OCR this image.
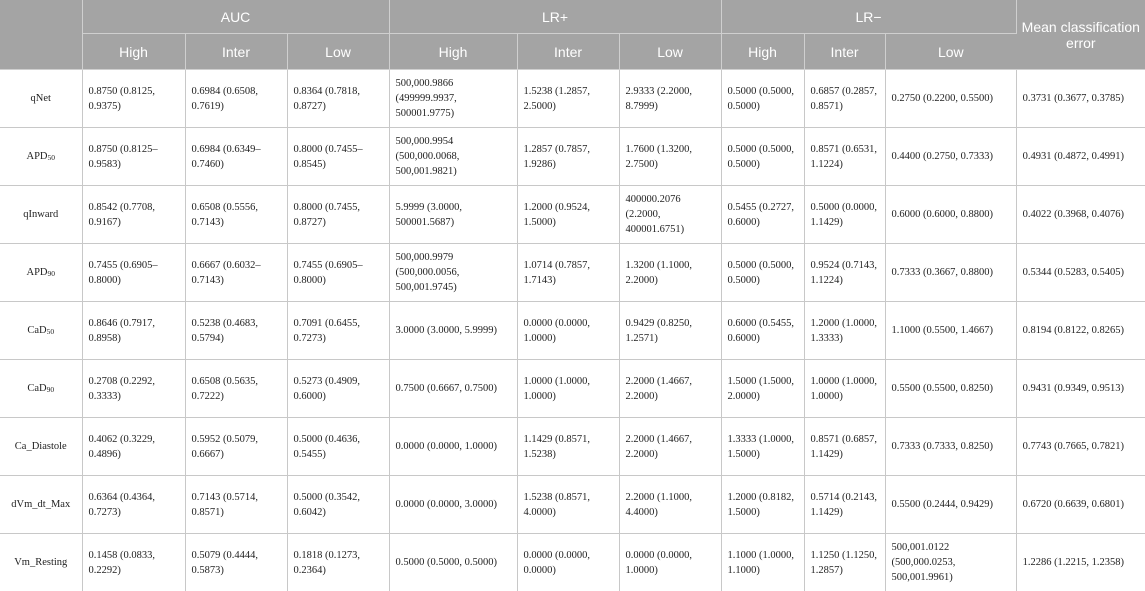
	AUC			LR+			LR−			Mean classification error
	High	Inter	Low	High	Inter	Low	High	Inter	Low	
qNet	0.8750 (0.8125, 0.9375)	0.6984 (0.6508, 0.7619)	0.8364 (0.7818, 0.8727)	500,000.9866 (499999.9937, 500001.9775)	1.5238 (1.2857, 2.5000)	2.9333 (2.2000, 8.7999)	0.5000 (0.5000, 0.5000)	0.6857 (0.2857, 0.8571)	0.2750 (0.2200, 0.5500)	0.3731 (0.3677, 0.3785)
$APD_{50}$	0.8750 (0.8125–0.9583)	0.6984 (0.6349–0.7460)	0.8000 (0.7455–0.8545)	500,000.9954 (500,000.0068, 500,001.9821)	1.2857 (0.7857, 1.9286)	1.7600 (1.3200, 2.7500)	0.5000 (0.5000, 0.5000)	0.8571 (0.6531, 1.1224)	0.4400 (0.2750, 0.7333)	0.4931 (0.4872, 0.4991)
qInward	0.8542 (0.7708, 0.9167)	0.6508 (0.5556, 0.7143)	0.8000 (0.7455, 0.8727)	5.9999 (3.0000, 500001.5687)	1.2000 (0.9524, 1.5000)	400000.2076 (2.2000, 400001.6751)	0.5455 (0.2727, 0.6000)	0.5000 (0.0000, 1.1429)	0.6000 (0.6000, 0.8800)	0.4022 (0.3968, 0.4076)
$APD_{90}$	0.7455 (0.6905–0.8000)	0.6667 (0.6032–0.7143)	0.7455 (0.6905–0.8000)	500,000.9979 (500,000.0056, 500,001.9745)	1.0714 (0.7857, 1.7143)	1.3200 (1.1000, 2.2000)	0.5000 (0.5000, 0.5000)	0.9524 (0.7143, 1.1224)	0.7333 (0.3667, 0.8800)	0.5344 (0.5283, 0.5405)
CaD$_{50}$	0.8646 (0.7917, 0.8958)	0.5238 (0.4683, 0.5794)	0.7091 (0.6455, 0.7273)	3.0000 (3.0000, 5.9999)	0.0000 (0.0000, 1.0000)	0.9429 (0.8250, 1.2571)	0.6000 (0.5455, 0.6000)	1.2000 (1.0000, 1.3333)	1.1000 (0.5500, 1.4667)	0.8194 (0.8122, 0.8265)
CaD$_{90}$	0.2708 (0.2292, 0.3333)	0.6508 (0.5635, 0.7222)	0.5273 (0.4909, 0.6000)	0.7500 (0.6667, 0.7500)	1.0000 (1.0000, 1.0000)	2.2000 (1.4667, 2.2000)	1.5000 (1.5000, 2.0000)	1.0000 (1.0000, 1.0000)	0.5500 (0.5500, 0.8250)	0.9431 (0.9349, 0.9513)
Ca_Diastole	0.4062 (0.3229, 0.4896)	0.5952 (0.5079, 0.6667)	0.5000 (0.4636, 0.5455)	0.0000 (0.0000, 1.0000)	1.1429 (0.8571, 1.5238)	2.2000 (1.4667, 2.2000)	1.3333 (1.0000, 1.5000)	0.8571 (0.6857, 1.1429)	0.7333 (0.7333, 0.8250)	0.7743 (0.7665, 0.7821)
dVm_dt_Max	0.6364 (0.4364, 0.7273)	0.7143 (0.5714, 0.8571)	0.5000 (0.3542, 0.6042)	0.0000 (0.0000, 3.0000)	1.5238 (0.8571, 4.0000)	2.2000 (1.1000, 4.4000)	1.2000 (0.8182, 1.5000)	0.5714 (0.2143, 1.1429)	0.5500 (0.2444, 0.9429)	0.6720 (0.6639, 0.6801)
Vm_Resting	0.1458 (0.0833, 0.2292)	0.5079 (0.4444, 0.5873)	0.1818 (0.1273, 0.2364)	0.5000 (0.5000, 0.5000)	0.0000 (0.0000, 0.0000)	0.0000 (0.0000, 1.0000)	1.1000 (1.0000, 1.1000)	1.1250 (1.1250, 1.2857)	500,001.0122 (500,000.0253, 500,001.9961)	1.2286 (1.2215, 1.2358)
